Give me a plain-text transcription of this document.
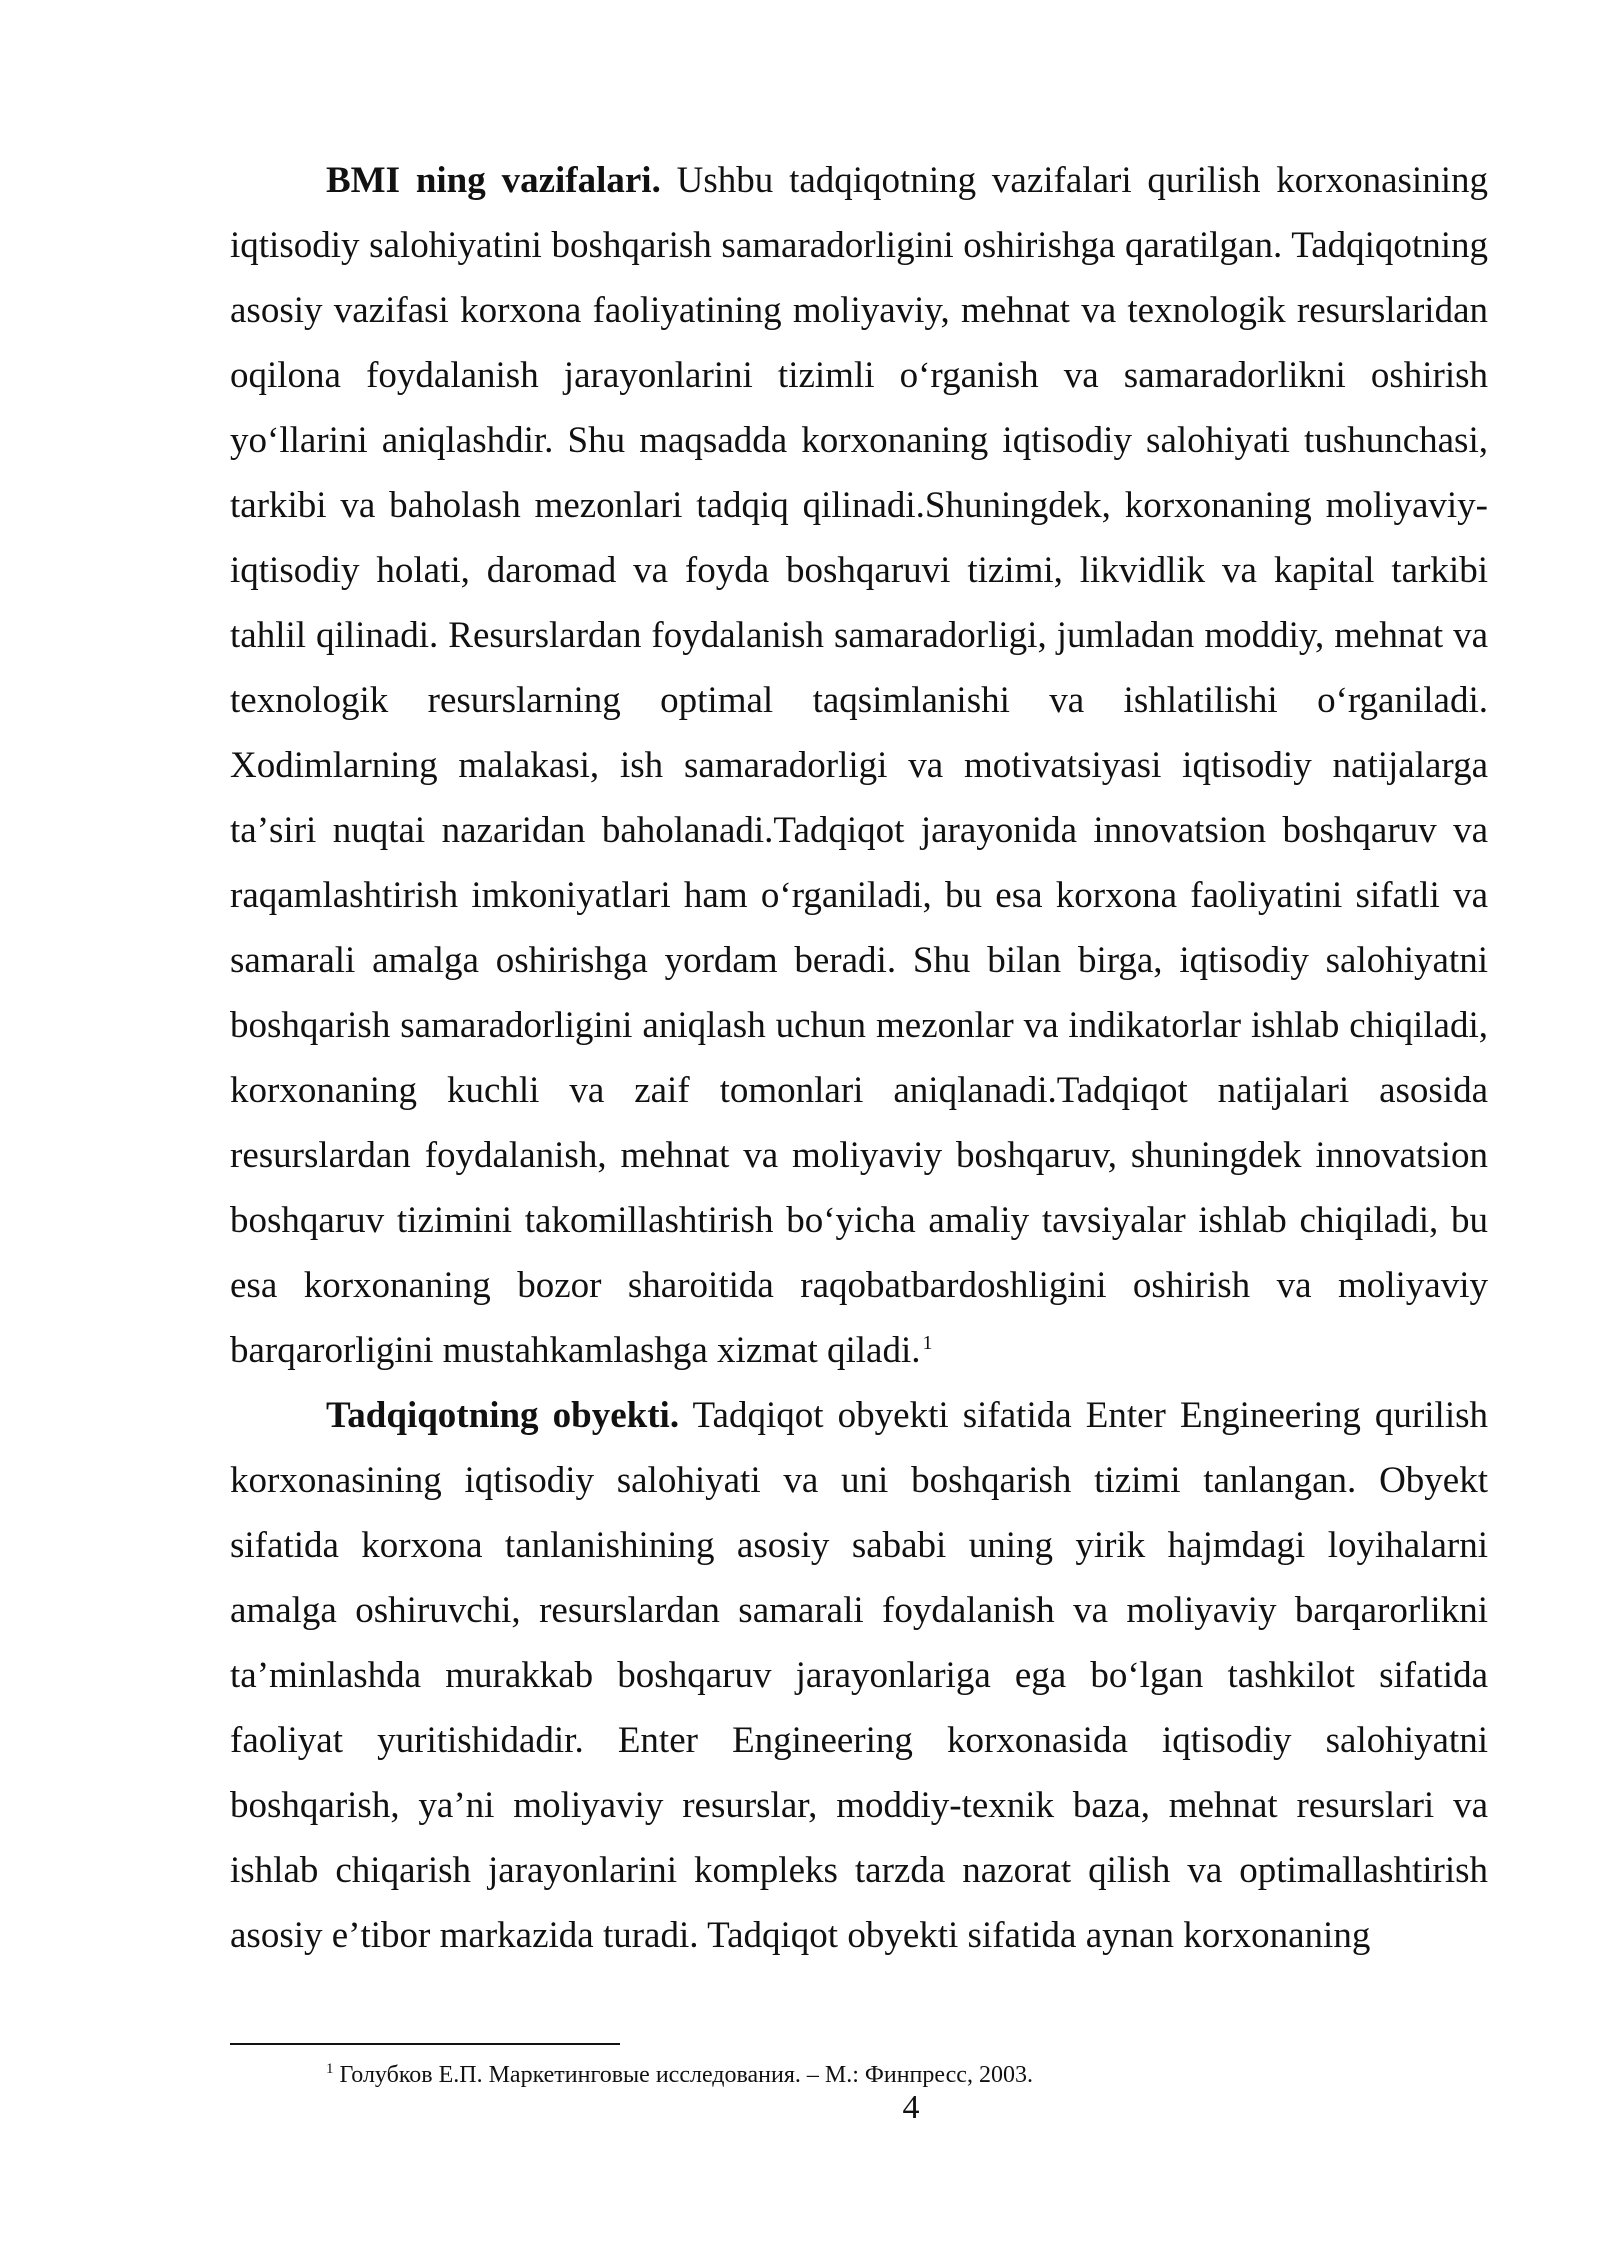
BMI ning vazifalari. Ushbu tadqiqotning vazifalari qurilish korxonasining iqtisodiy salohiyatini boshqarish samaradorligini oshirishga qaratilgan. Tadqiqotning asosiy vazifasi korxona faoliyatining moliyaviy, mehnat va texnologik resurslaridan oqilona foydalanish jarayonlarini tizimli oʻrganish va samaradorlikni oshirish yoʻllarini aniqlashdir. Shu maqsadda korxonaning iqtisodiy salohiyati tushunchasi, tarkibi va baholash mezonlari tadqiq qilinadi.Shuningdek, korxonaning moliyaviy-iqtisodiy holati, daromad va foyda boshqaruvi tizimi, likvidlik va kapital tarkibi tahlil qilinadi. Resurslardan foydalanish samaradorligi, jumladan moddiy, mehnat va texnologik resurslarning optimal taqsimlanishi va ishlatilishi oʻrganiladi. Xodimlarning malakasi, ish samaradorligi va motivatsiyasi iqtisodiy natijalarga taʼsiri nuqtai nazaridan baholanadi.Tadqiqot jarayonida innovatsion boshqaruv va raqamlashtirish imkoniyatlari ham oʻrganiladi, bu esa korxona faoliyatini sifatli va samarali amalga oshirishga yordam beradi. Shu bilan birga, iqtisodiy salohiyatni boshqarish samaradorligini aniqlash uchun mezonlar va indikatorlar ishlab chiqiladi, korxonaning kuchli va zaif tomonlari aniqlanadi.Tadqiqot natijalari asosida resurslardan foydalanish, mehnat va moliyaviy boshqaruv, shuningdek innovatsion boshqaruv tizimini takomillashtirish boʻyicha amaliy tavsiyalar ishlab chiqiladi, bu esa korxonaning bozor sharoitida raqobatbardoshligini oshirish va moliyaviy barqarorligini mustahkamlashga xizmat qiladi. $^1$

Tadqiqotning obyekti. Tadqiqot obyekti sifatida Enter Engineering qurilish korxonasining iqtisodiy salohiyati va uni boshqarish tizimi tanlangan. Obyekt sifatida korxona tanlanishining asosiy sababi uning yirik hajmdagi loyihalarni amalga oshiruvchi, resurslardan samarali foydalanish va moliyaviy barqarorlikni taʼminlashda murakkab boshqaruv jarayonlariga ega boʻlgan tashkilot sifatida faoliyat yuritishidadir. Enter Engineering korxonasida iqtisodiy salohiyatni boshqarish, yaʼni moliyaviy resurslar, moddiy-texnik baza, mehnat resurslari va ishlab chiqarish jarayonlarini kompleks tarzda nazorat qilish va optimallashtirish asosiy eʼtibor markazida turadi. Tadqiqot obyekti sifatida aynan korxonaning

$^1$ Голубков Е.П. Маркетинговые исследования. – М.: Финпресс, 2003.
4
